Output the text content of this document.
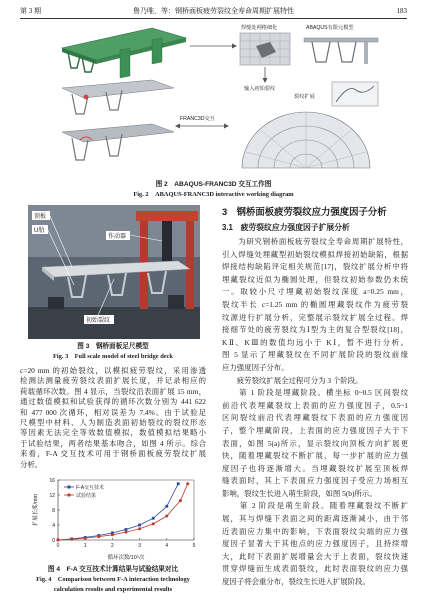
第 3 期	鲁乃唯，等：钢桥面板疲劳裂纹全寿命周期扩展特性	183
焊缝处网格细化	ABAQUS有限元模型
输入初始裂纹
FRANC3D交互
裂纹扩展
图 2　ABAQUS-FRANC3D 交互工作图
Fig. 2　ABAQUS-FRANC3D interactive working diagram
顶板
U肋
作动器
初始裂纹
图 3　钢桥面板足尺模型
Fig. 3　Full scale model of steel bridge deck
c=20 mm 的初始裂纹，以模拟疲劳裂纹，采用渗透
检测法测量疲劳裂纹表面扩展长度，并记录相应的
荷载循环次数。图 4 显示，当裂纹沿表面扩展 15 mm，
通过数值模拟和试验获得的循环次数分别为 441 622
和 477 000 次循环，相对误差为 7.4%。由于试验足
尺模型中材料、人为制造表面初始裂纹的裂纹形态
等因素无法完全等效数值模拟，数值模拟结果略小
于试验结果，两者结果基本吻合，如图 4 所示。综合
来看，F-A 交互技术可用于钢桥面板疲劳裂纹扩展
分析。
0	1	2	3	4	5
0
4
8
12
16
F-A交互技术
试验结果
循环次数/10⁵次
扩展长度/mm
图 4　F-A 交互技术计算结果与试验结果对比
Fig. 4　Comparison between F-A interaction technology
calculation results and experimental results
3　钢桥面板疲劳裂纹应力强度因子分析
3.1　疲劳裂纹应力强度因子扩展分析
　　为研究钢桥面板疲劳裂纹全寿命周期扩展特性，
引入焊缝处埋藏型初始裂纹模拟焊接初始缺陷，根据
焊接结构缺陷评定相关规范[17]，裂纹扩展分析中将
埋藏裂纹近似为椭圆处理，但裂纹初始参数仍未统
一。取较小尺寸埋藏初始裂纹深度 a=0.25 mm，
裂纹半长 c=1.25 mm 的椭圆埋藏裂纹作为疲劳裂
纹源进行扩展分析，完整展示裂纹扩展全过程。焊
接细节处的疲劳裂纹为Ⅰ型为主的复合型裂纹[18]，
KⅡ、KⅢ的数值均远小于 KⅠ，暂不进行分析。
图 5 显示了埋藏裂纹在不同扩展阶段的裂纹前缘
应力强度因子分布。
　　疲劳裂纹扩展全过程可分为 3 个阶段。
　　第 1 阶段是埋藏阶段。横坐标 0~0.5 区间裂纹
前沿代表埋藏裂纹上表面的应力强度因子，0.5~1
区间裂纹前沿代表埋藏裂纹下表面的应力强度因
子，整个埋藏阶段，上表面的应力强度因子大于下
表面，如图 5(a)所示，显示裂纹向顶板方向扩展更
快，随着埋藏裂纹不断扩展，每一步扩展的应力强
度因子也将逐渐增大。当埋藏裂纹扩展至顶板焊
缝表面时，其上下表面应力强度因子受应力场相互
影响，裂纹生长进入萌生阶段，如图 5(b)所示。
　　第 2 阶段是萌生阶段。随着埋藏裂纹不断扩
展，其与焊缝下表面之间的距离逐渐减小，由于邻
近表面应力集中的影响，下表面裂纹尖端的应力强
度因子显著大于其他点的应力强度因子，且持续增
大，此时下表面扩展增量会大于上表面，裂纹快速
贯穿焊缝而生成表面裂纹，此时表面裂纹的应力强
度因子将会重分布，裂纹生长进入扩展阶段。
